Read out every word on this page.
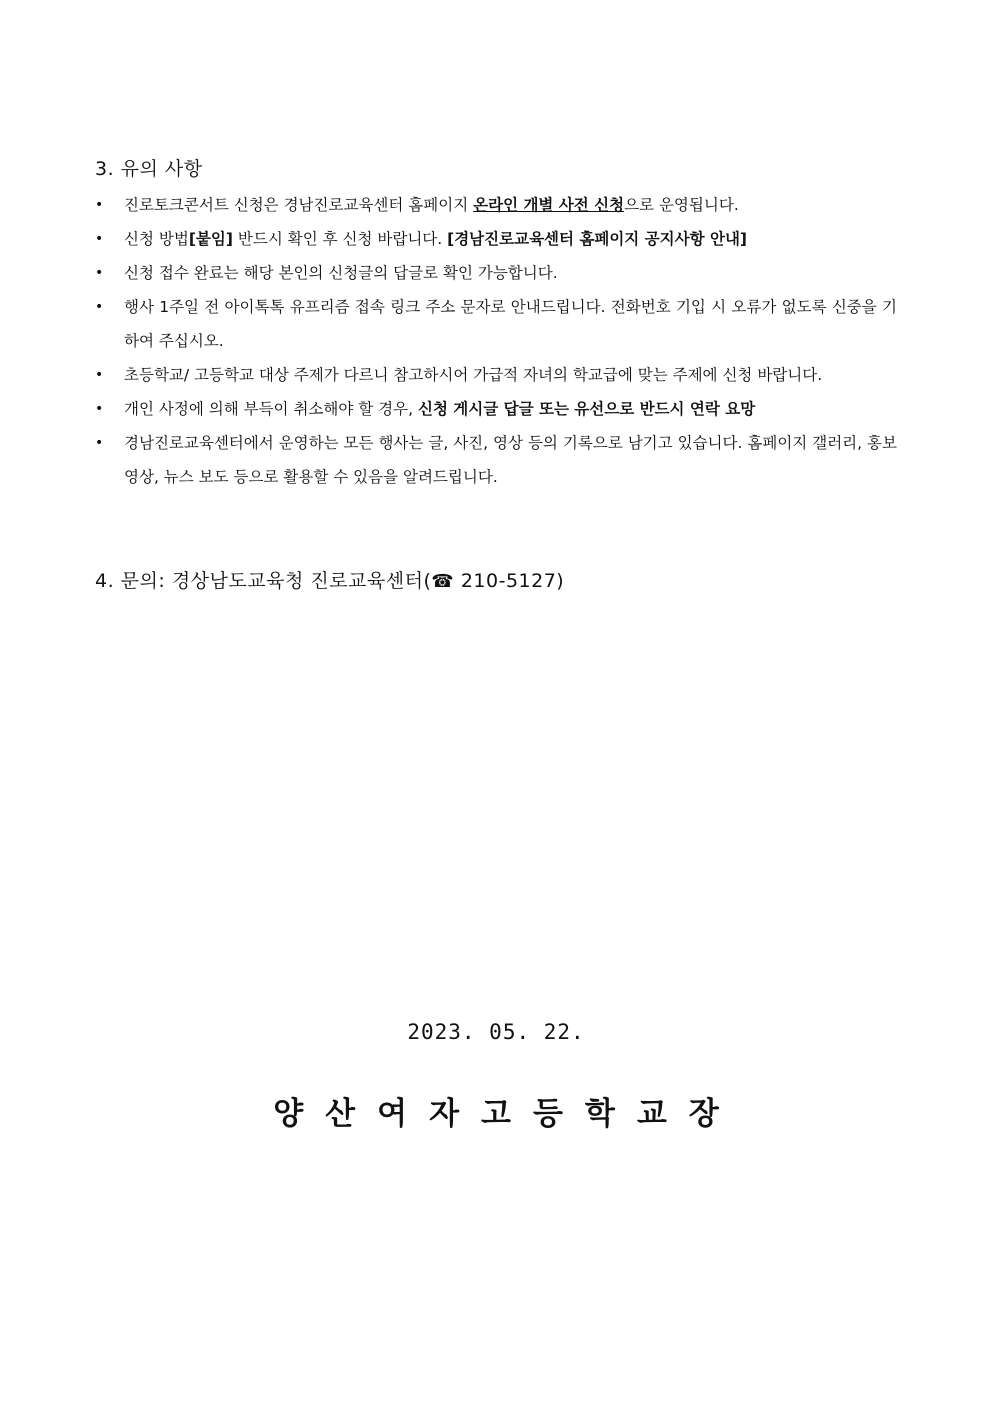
3. 유의 사항
• 진로토크콘서트 신청은 경남진로교육센터 홈페이지 온라인 개별 사전 신청으로 운영됩니다.
• 신청 방법[붙임] 반드시 확인 후 신청 바랍니다. [경남진로교육센터 홈페이지 공지사항 안내]
• 신청 접수 완료는 해당 본인의 신청글의 답글로 확인 가능합니다.
• 행사 1주일 전 아이톡톡 유프리즘 접속 링크 주소 문자로 안내드립니다. 전화번호 기입 시 오류가 없도록 신중을 기하여 주십시오.
• 초등학교/ 고등학교 대상 주제가 다르니 참고하시어 가급적 자녀의 학교급에 맞는 주제에 신청 바랍니다.
• 개인 사정에 의해 부득이 취소해야 할 경우, 신청 게시글 답글 또는 유선으로 반드시 연락 요망
• 경남진로교육센터에서 운영하는 모든 행사는 글, 사진, 영상 등의 기록으로 남기고 있습니다. 홈페이지 갤러리, 홍보영상, 뉴스 보도 등으로 활용할 수 있음을 알려드립니다.
4. 문의: 경상남도교육청 진로교육센터(☎ 210-5127)
2023. 05. 22.
양산여자고등학교장
